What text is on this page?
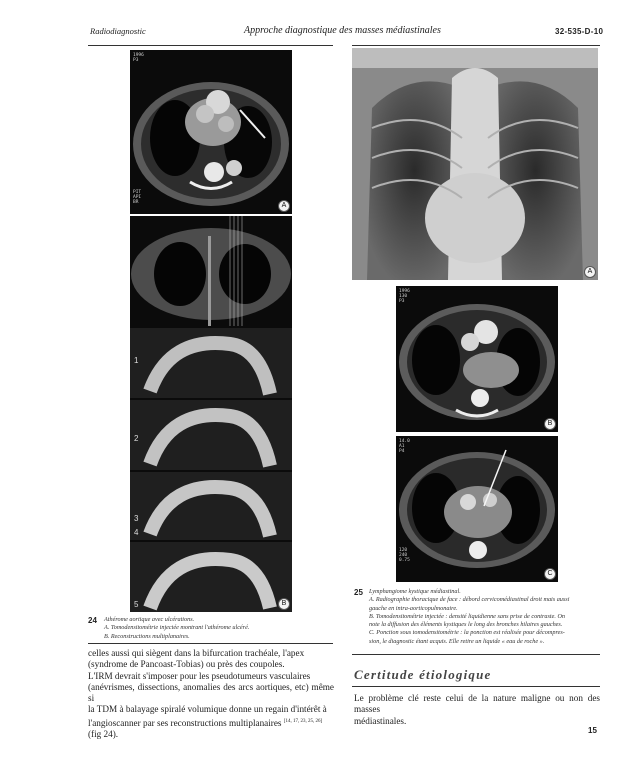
Radiodiagnostic	Approche diagnostique des masses médiastinales	32-535-D-10
1996
P3

PIT
API
BR	A
1
2
3
4
5	B
24 Athérome aortique avec ulcérations.
A. Tomodensitométrie injectée montrant l'athérome ulcéré.
B. Reconstructions multiplanaires.
celles aussi qui siègent dans la bifurcation trachéale, l'apex
(syndrome de Pancoast-Tobias) ou près des coupoles.
L'IRM devrait s'imposer pour les pseudotumeurs vasculaires
(anévrismes, dissections, anomalies des arcs aortiques, etc) même si
la TDM à balayage spiralé volumique donne un regain d'intérêt à
l'angioscanner par ses reconstructions multiplanaires [14, 17, 23, 25, 26]
(fig 24).
A
1996
130
P3
B
14.0
A1
P4
120
240
0.75
C
25 Lymphangiome kystique médiastinal.
A. Radiographie thoracique de face : débord cervicomédiastinal droit mais aussi
gauche en intra-aorticopulmonaire.
B. Tomodensitométrie injectée : densité liquidienne sans prise de contraste. On
note la diffusion des éléments kystiques le long des bronches hilaires gauches.
C. Ponction sous tomodensitométrie : la ponction est réalisée pour décompres-
sion, le diagnostic étant acquis. Elle retire un liquide « eau de roche ».
Certitude étiologique
Le problème clé reste celui de la nature maligne ou non des masses
médiastinales.
15
